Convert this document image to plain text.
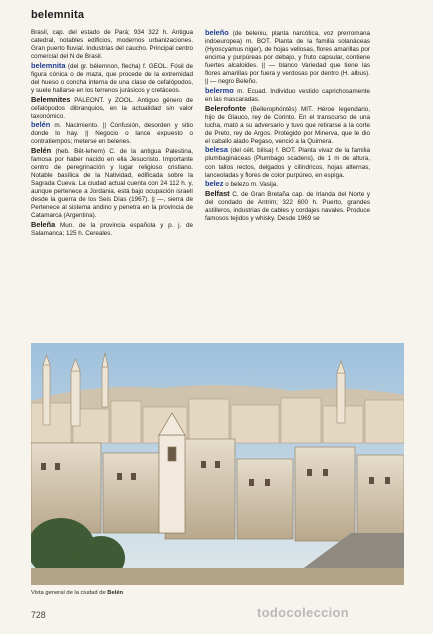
belemnita

Brasil, cap. del estado de Pará; 934 322 h. Antigua catedral, notables edificios, modernos urbanizaciones. Gran puerto fluvial. Industrias del caucho. Principal centro comercial del N de Brasil.

belemnita (del gr. bélemnon, flecha) f. GEOL. Fósil de figura cónica o de maza, que procede de la extremidad del hueso o concha interna de una clase de cefalópodos, y suele hallarse en los terrenos jurásicos y cretáceos.

Belemnites PALEONT. y ZOOL. Antiguo género de cefalópodos dibranquios, en la actualidad sin valor taxonómico.

belén m. Nacimiento. || Confusión, desorden y sitio donde lo hay. || Negocio o lance expuesto o contratiempos; meterse en belenes.

Belén (heb. Bêt-lehem) C. de la antigua Palestina, famosa por haber nacido en ella Jesucristo. Importante centro de peregrinación y lugar religioso cristiano. Notable basílica de la Natividad, edificada sobre la Sagrada Cueva. La ciudad actual cuenta con 24 112 h. y, aunque pertenece a Jordania, está bajo ocupación israelí desde la guerra de los Seis Días (1967). || —, sierra de Pertenece al sistema andino y penetra en la provincia de Catamarca (Argentina).

Beleña Mun. de la provincia española y p. j. de Salamanca; 125 h. Cereales.

beleño (de beleniu, planta narcótica, voz prerromana indoeuropea) m. BOT. Planta de la familia solanáceas (Hyoscyamus niger), de hojas vellosas, flores amarillas por encima y purpúreas por debajo, y fruto capsular, contiene fuertes alcaloides. || — blanco Variedad que tiene las flores amarillas por fuera y verdosas por dentro (H. albus). || — negro Beleño.

belermo m. Ecuad. Individuo vestido caprichosamente en las mascaradas.

Belerofonte (Bellerophóntēs) MIT. Héroe legendario, hijo de Glauco, rey de Corinto. En el transcurso de una lucha, mató a su adversario y tuvo que retirarse a la corte de Preto, rey de Argos. Protegido por Minerva, que le dio el caballo alado Pegaso, venció a la Quimera.

belesa (del célt. bilisa) f. BOT. Planta vivaz de la familia plumbagináceas (Plumbago scadens), de 1 m de altura, con tallos rectos, delgados y cilíndricos, hojas alternas, lanceoladas y flores de color purpúreo, en espiga.

belez o belezo m. Vasija.

Belfast C. de Gran Bretaña cap. de Irlanda del Norte y del condado de Antrim; 322 600 h. Puerto, grandes astilleros, industrias de cables y cordajes navales. Produce famosos tejidos y whisky. Desde 1969 se

Vista general de la ciudad de Belén
728	todocoleccion
